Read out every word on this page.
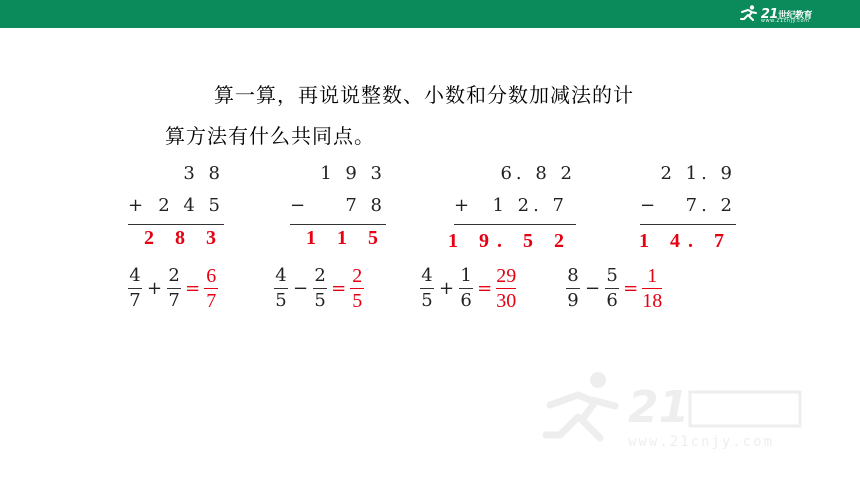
21世纪教育
www.21cnjy.com
算一算，再说说整数、小数和分数加减法的计
算方法有什么共同点。
3 8
+ 2 4 5
2 8 3
1 9 3
− 7 8
1 1 5
6. 8 2
+ 1 2. 7
1 9. 5 2
2 1. 9
− 7. 2
1 4. 7
$\frac{4}{7} + \frac{2}{7} = \frac{6}{7}$	$\frac{4}{5} - \frac{2}{5} = \frac{2}{5}$	$\frac{4}{5} + \frac{1}{6} = \frac{29}{30}$	$\frac{8}{9} - \frac{5}{6} = \frac{1}{18}$
21
www.21cnjy.com
